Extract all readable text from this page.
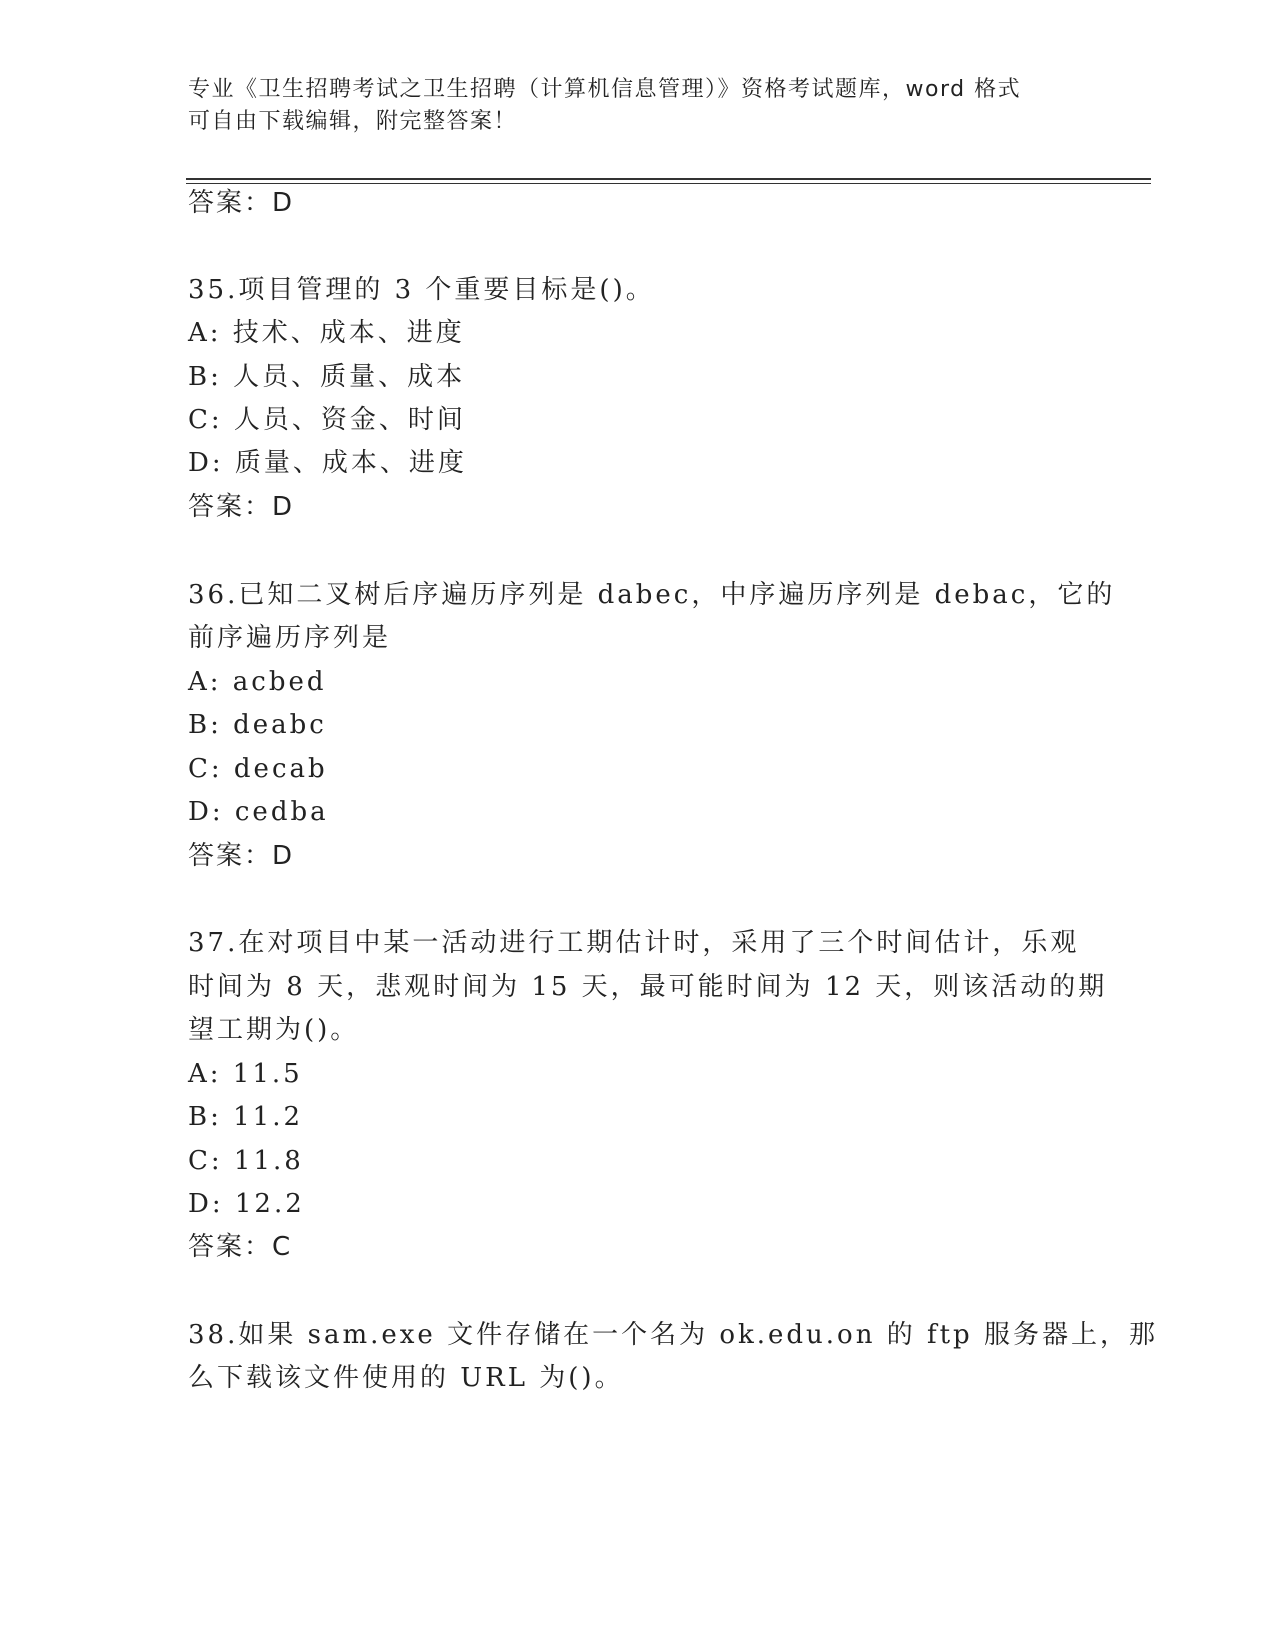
专业《卫生招聘考试之卫生招聘（计算机信息管理）》资格考试题库，word 格式
可自由下载编辑，附完整答案！
答案：D
35.项目管理的 3 个重要目标是()。
A: 技术、成本、进度
B: 人员、质量、成本
C: 人员、资金、时间
D: 质量、成本、进度
答案：D
36.已知二叉树后序遍历序列是 dabec，中序遍历序列是 debac，它的
前序遍历序列是
A: acbed
B: deabc
C: decab
D: cedba
答案：D
37.在对项目中某一活动进行工期估计时，采用了三个时间估计，乐观
时间为 8 天，悲观时间为 15 天，最可能时间为 12 天，则该活动的期
望工期为()。
A: 11.5
B: 11.2
C: 11.8
D: 12.2
答案：C
38.如果 sam.exe 文件存储在一个名为 ok.edu.on 的 ftp 服务器上，那
么下载该文件使用的 URL 为()。
